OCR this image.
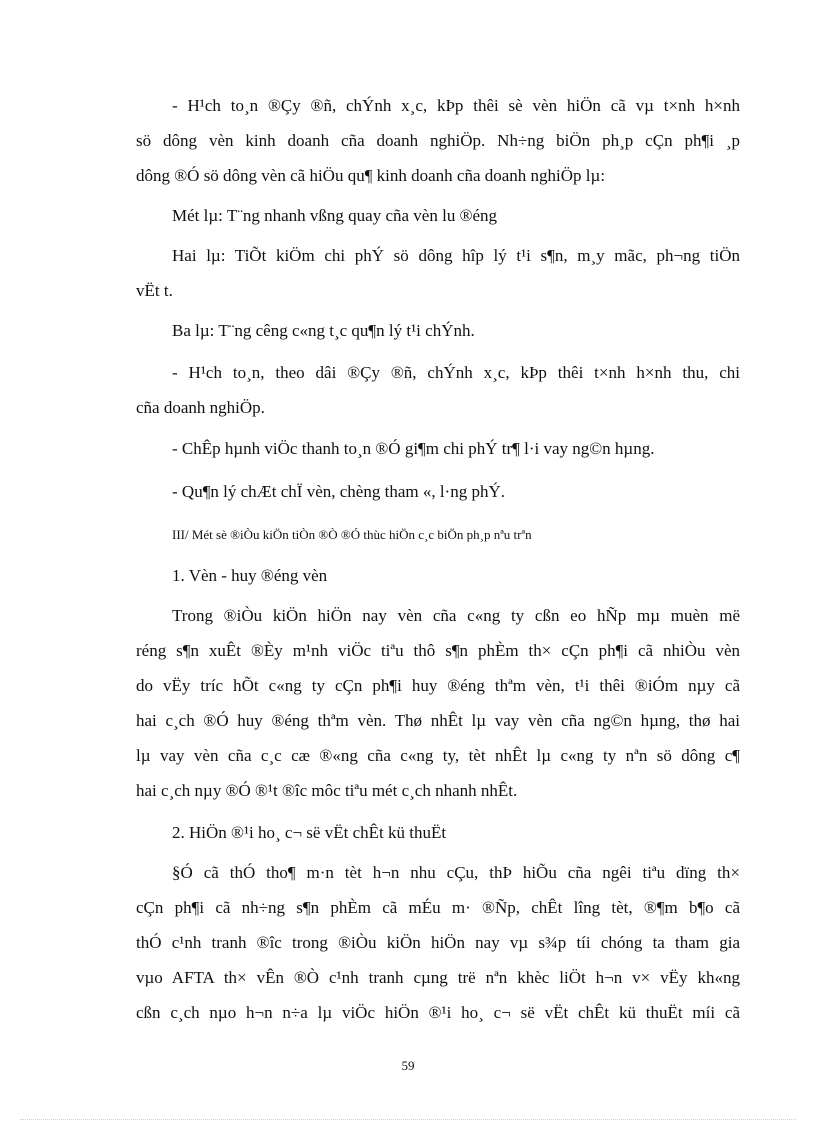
- H¹ch to¸n ®Çy ®ñ, chÝnh x¸c, kÞp thêi sè vèn hiÖn cã vµ t×nh h×nh
sö dông vèn kinh doanh cña doanh nghiÖp. Nh÷ng biÖn ph¸p cÇn ph¶i ¸p
dông ®Ó sö dông vèn cã hiÖu qu¶ kinh doanh cña doanh nghiÖp lµ:
Mét lµ: T¨ng nhanh vßng quay cña vèn lu ®éng
Hai lµ: TiÕt kiÖm chi phÝ sö dông hîp lý t¹i s¶n, m¸y mãc, ph¬ng tiÖn
vËt t.
Ba lµ: T¨ng cêng c«ng t¸c qu¶n lý t¹i chÝnh.
- H¹ch to¸n, theo dâi ®Çy ®ñ, chÝnh x¸c, kÞp thêi t×nh h×nh thu, chi
cña doanh nghiÖp.
- ChÊp hµnh viÖc thanh to¸n ®Ó gi¶m chi phÝ tr¶ l·i vay ng©n hµng.
- Qu¶n lý chÆt chÏ vèn, chèng tham «, l·ng phÝ.
III/ Mét sè ®iÒu kiÖn tiÒn ®Ò ®Ó thùc hiÖn c¸c biÖn ph¸p nªu trªn
1. Vèn - huy ®éng vèn
Trong ®iÒu kiÖn hiÖn nay vèn cña c«ng ty cßn eo hÑp mµ muèn më
réng s¶n xuÊt ®Èy m¹nh viÖc tiªu thô s¶n phÈm th× cÇn ph¶i cã nhiÒu vèn
do vËy tríc hÕt c«ng ty cÇn ph¶i huy ®éng thªm vèn, t¹i thêi ®iÓm nµy cã
hai c¸ch ®Ó huy ®éng thªm vèn. Thø nhÊt lµ vay vèn cña ng©n hµng, thø hai
lµ vay vèn cña c¸c cæ ®«ng cña c«ng ty, tèt nhÊt lµ c«ng ty nªn sö dông c¶
hai c¸ch nµy ®Ó ®¹t ®îc môc tiªu mét c¸ch nhanh nhÊt.
2. HiÖn ®¹i ho¸ c¬ së vËt chÊt kü thuËt
§Ó cã thÓ tho¶ m·n tèt h¬n nhu cÇu, thÞ hiÕu cña ngêi tiªu dïng th×
cÇn ph¶i cã nh÷ng s¶n phÈm cã mÉu m· ®Ñp, chÊt lîng tèt, ®¶m b¶o cã
thÓ c¹nh tranh ®îc trong ®iÒu kiÖn hiÖn nay vµ s¾p tíi chóng ta tham gia
vµo AFTA th× vÊn ®Ò c¹nh tranh cµng trë nªn khèc liÖt h¬n v× vËy kh«ng
cßn c¸ch nµo h¬n n÷a lµ viÖc hiÖn ®¹i ho¸ c¬ së vËt chÊt kü thuËt míi cã
59
